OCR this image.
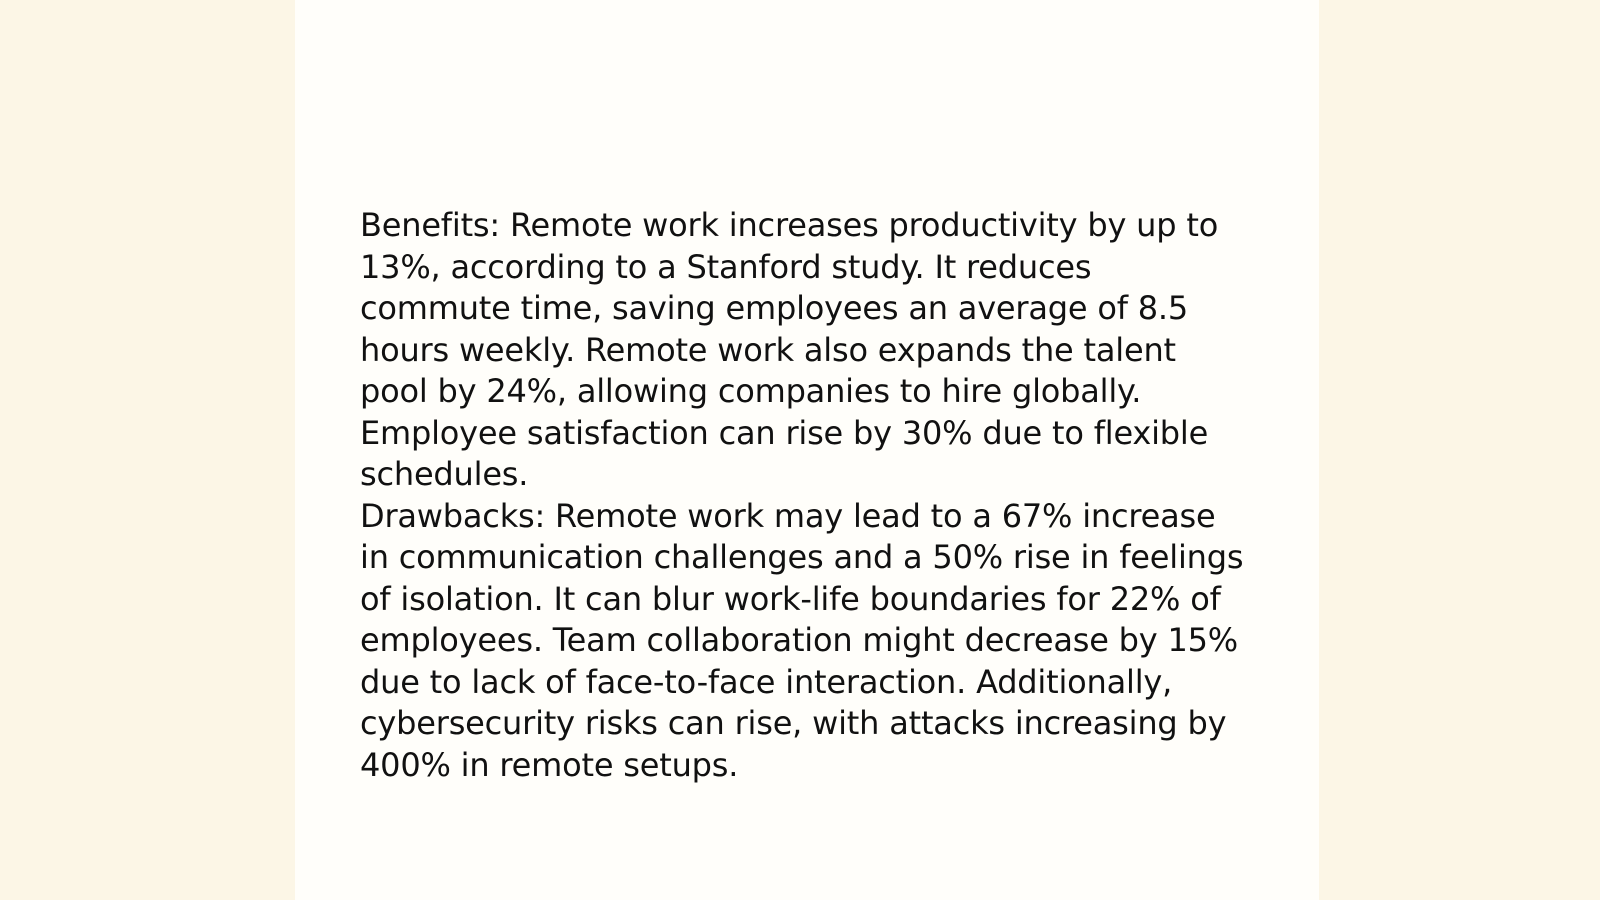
Benefits: Remote work increases productivity by up to 13%, according to a Stanford study. It reduces commute time, saving employees an average of 8.5 hours weekly. Remote work also expands the talent pool by 24%, allowing companies to hire globally. Employee satisfaction can rise by 30% due to flexible schedules.

Drawbacks: Remote work may lead to a 67% increase in communication challenges and a 50% rise in feelings of isolation. It can blur work-life boundaries for 22% of employees. Team collaboration might decrease by 15% due to lack of face-to-face interaction. Additionally, cybersecurity risks can rise, with attacks increasing by 400% in remote setups.
